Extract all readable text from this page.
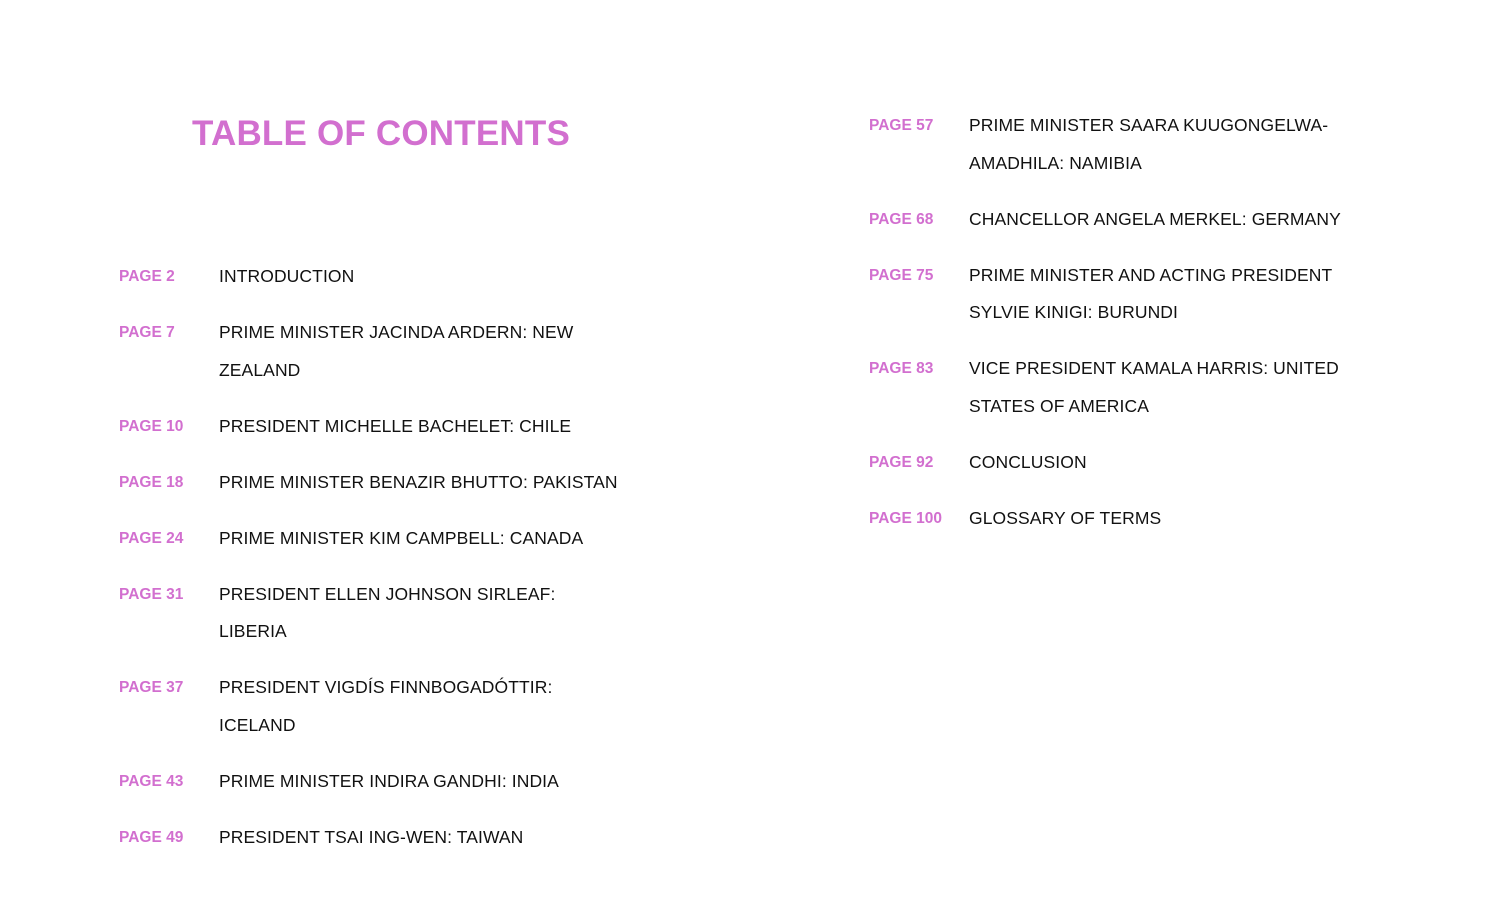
TABLE OF CONTENTS
PAGE 2	INTRODUCTION
PAGE 7	PRIME MINISTER JACINDA ARDERN: NEW ZEALAND
PAGE 10	PRESIDENT MICHELLE BACHELET: CHILE
PAGE 18	PRIME MINISTER BENAZIR BHUTTO: PAKISTAN
PAGE 24	PRIME MINISTER KIM CAMPBELL: CANADA
PAGE 31	PRESIDENT ELLEN JOHNSON SIRLEAF: LIBERIA
PAGE 37	PRESIDENT VIGDÍS FINNBOGADÓTTIR: ICELAND
PAGE 43	PRIME MINISTER INDIRA GANDHI: INDIA
PAGE 49	PRESIDENT TSAI ING-WEN: TAIWAN
PAGE 57	PRIME MINISTER SAARA KUUGONGELWA-AMADHILA: NAMIBIA
PAGE 68	CHANCELLOR ANGELA MERKEL: GERMANY
PAGE 75	PRIME MINISTER AND ACTING PRESIDENT SYLVIE KINIGI: BURUNDI
PAGE 83	VICE PRESIDENT KAMALA HARRIS: UNITED STATES OF AMERICA
PAGE 92	CONCLUSION
PAGE 100	GLOSSARY OF TERMS
